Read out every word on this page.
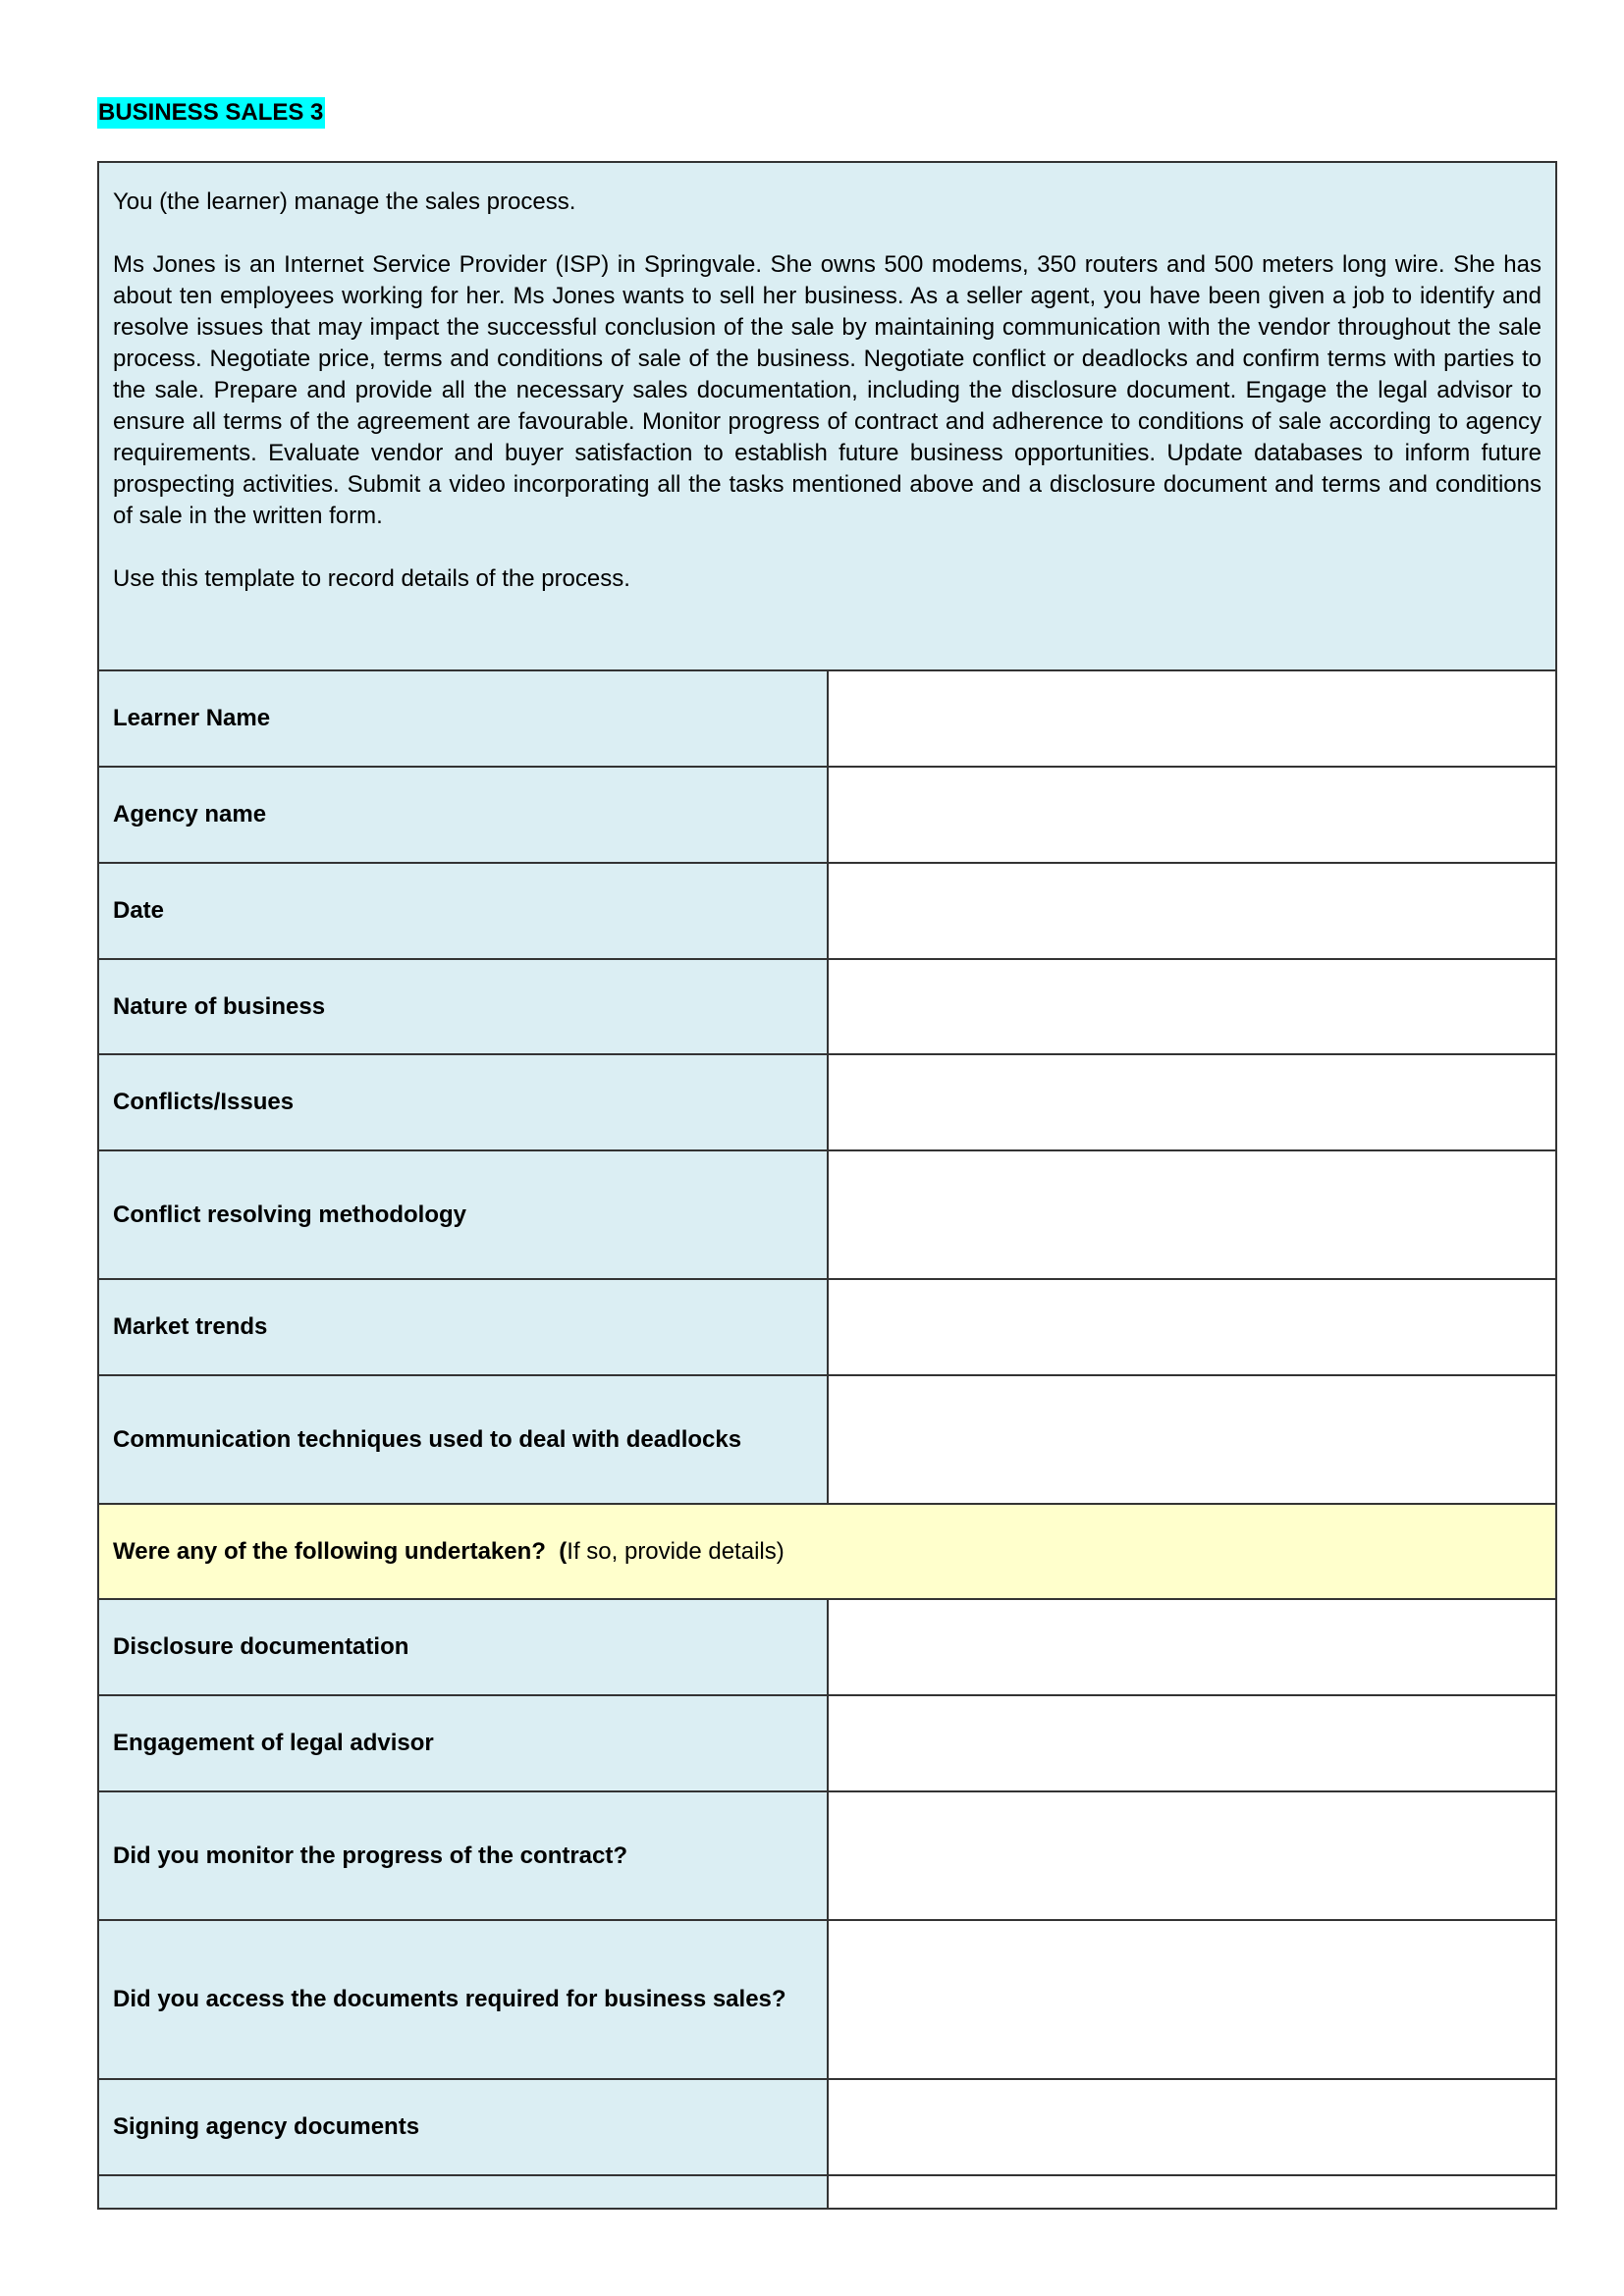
BUSINESS SALES 3

You (the learner) manage the sales process.

Ms Jones is an Internet Service Provider (ISP) in Springvale. She owns 500 modems, 350 routers and 500 meters long wire. She has about ten employees working for her. Ms Jones wants to sell her business. As a seller agent, you have been given a job to identify and resolve issues that may impact the successful conclusion of the sale by maintaining communication with the vendor throughout the sale process. Negotiate price, terms and conditions of sale of the business. Negotiate conflict or deadlocks and confirm terms with parties to the sale. Prepare and provide all the necessary sales documentation, including the disclosure document. Engage the legal advisor to ensure all terms of the agreement are favourable. Monitor progress of contract and adherence to conditions of sale according to agency requirements. Evaluate vendor and buyer satisfaction to establish future business opportunities. Update databases to inform future prospecting activities. Submit a video incorporating all the tasks mentioned above and a disclosure document and terms and conditions of sale in the written form.

Use this template to record details of the process.	

Learner Name	
Agency name	
Date	
Nature of business	
Conflicts/Issues	
Conflict resolving methodology	
Market trends	
Communication techniques used to deal with deadlocks	
Were any of the following undertaken? (If so, provide details)	
Disclosure documentation	
Engagement of legal advisor	
Did you monitor the progress of the contract?	
Did you access the documents required for business sales?	
Signing agency documents	
